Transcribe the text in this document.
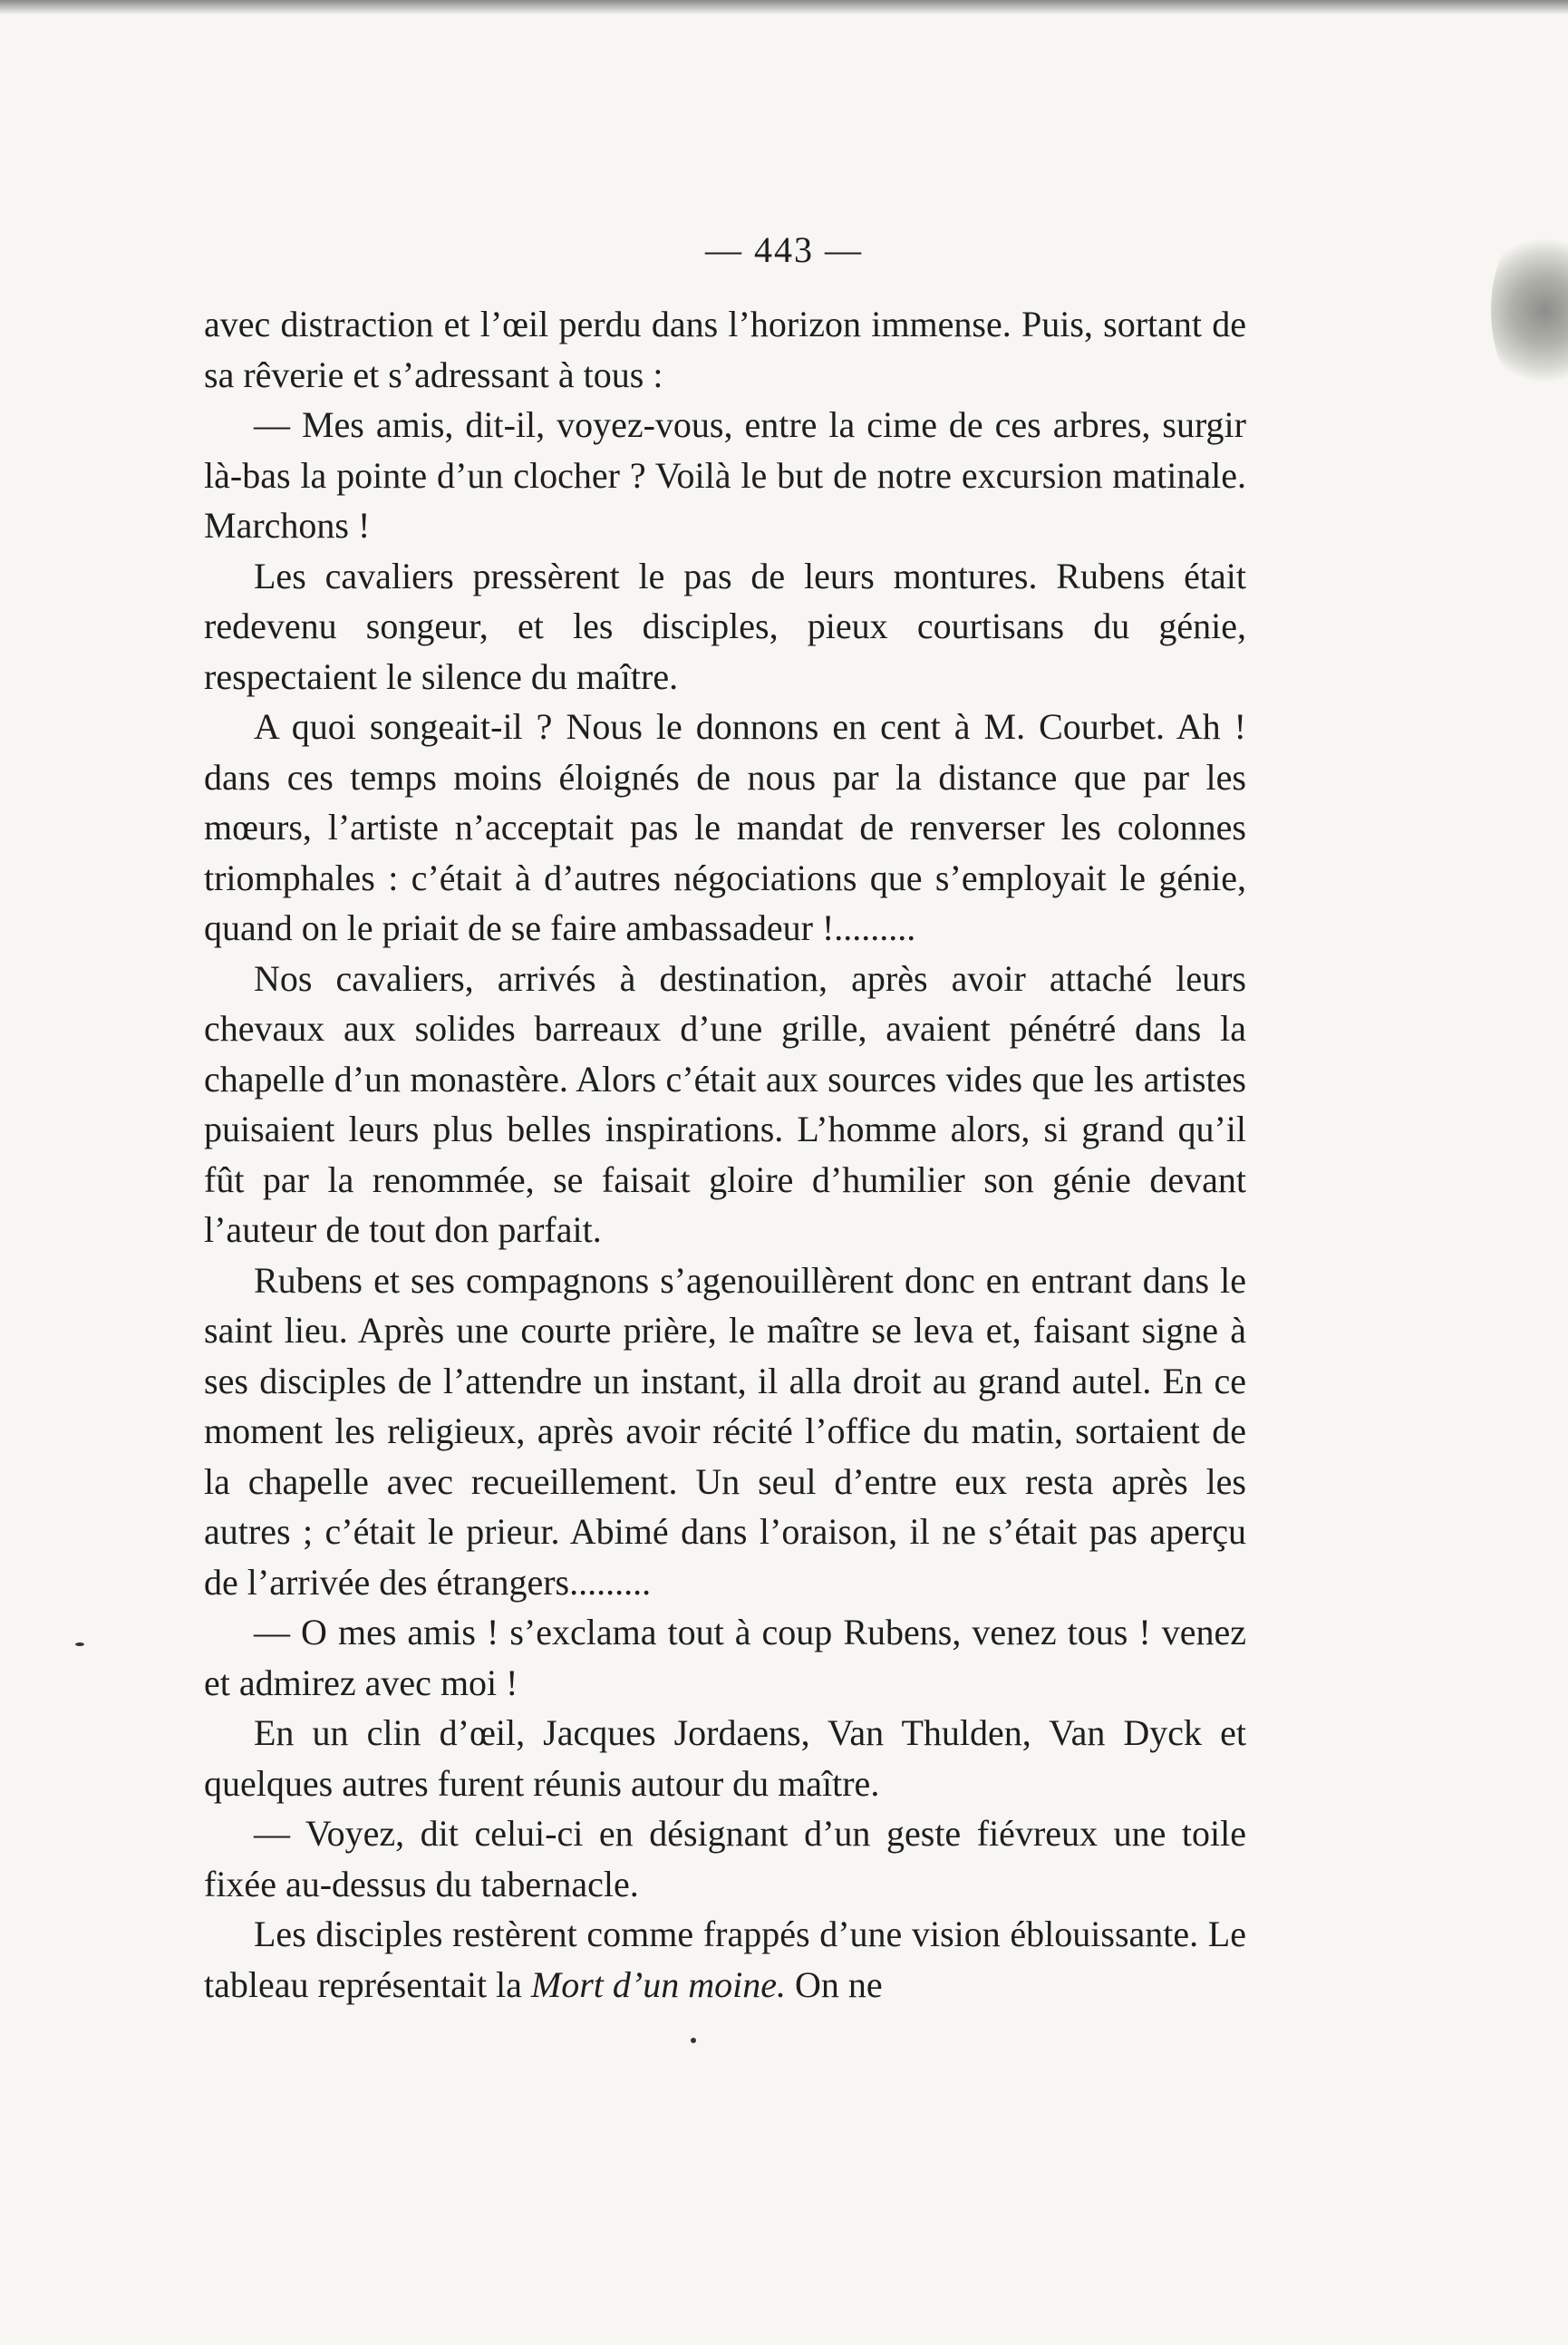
— 443 —

avec distraction et l’œil perdu dans l’horizon immense. Puis, sortant de sa rêverie et s’adressant à tous :

— Mes amis, dit-il, voyez-vous, entre la cime de ces arbres, surgir là-bas la pointe d’un clocher ? Voilà le but de notre excursion matinale. Marchons !

Les cavaliers pressèrent le pas de leurs montures. Rubens était redevenu songeur, et les disciples, pieux courtisans du génie, respectaient le silence du maître.

A quoi songeait-il ? Nous le donnons en cent à M. Courbet. Ah ! dans ces temps moins éloignés de nous par la distance que par les mœurs, l’artiste n’acceptait pas le mandat de renverser les colonnes triomphales : c’était à d’autres négociations que s’employait le génie, quand on le priait de se faire ambassadeur !.........

Nos cavaliers, arrivés à destination, après avoir attaché leurs chevaux aux solides barreaux d’une grille, avaient pénétré dans la chapelle d’un monastère. Alors c’était aux sources vides que les artistes puisaient leurs plus belles inspirations. L’homme alors, si grand qu’il fût par la renommée, se faisait gloire d’humilier son génie devant l’auteur de tout don parfait.

Rubens et ses compagnons s’agenouillèrent donc en entrant dans le saint lieu. Après une courte prière, le maître se leva et, faisant signe à ses disciples de l’attendre un instant, il alla droit au grand autel. En ce moment les religieux, après avoir récité l’office du matin, sortaient de la chapelle avec recueillement. Un seul d’entre eux resta après les autres ; c’était le prieur. Abimé dans l’oraison, il ne s’était pas aperçu de l’arrivée des étrangers.........

— O mes amis ! s’exclama tout à coup Rubens, venez tous ! venez et admirez avec moi !

En un clin d’œil, Jacques Jordaens, Van Thulden, Van Dyck et quelques autres furent réunis autour du maître.

— Voyez, dit celui-ci en désignant d’un geste fiévreux une toile fixée au-dessus du tabernacle.

Les disciples restèrent comme frappés d’une vision éblouissante. Le tableau représentait la Mort d’un moine. On ne
